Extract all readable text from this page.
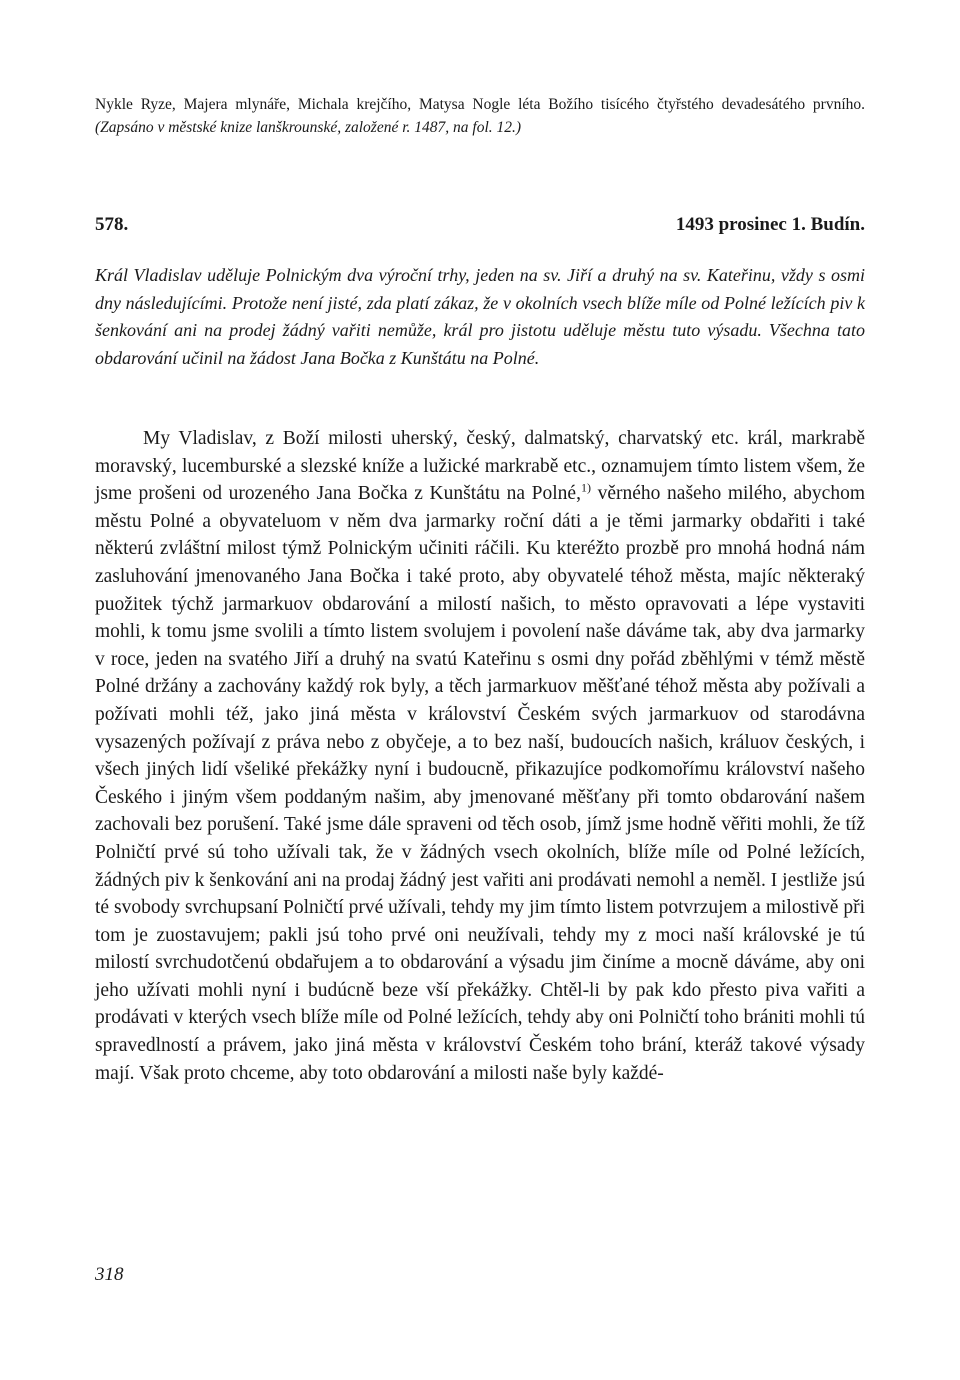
Nykle Ryze, Majera mlynáře, Michala krejčího, Matysa Nogle léta Božího tisícého čtyřstého devadesátého prvního. (Zapsáno v městské knize lanškrounské, založené r. 1487, na fol. 12.)

578.	1493 prosinec 1. Budín.

Král Vladislav uděluje Polnickým dva výroční trhy, jeden na sv. Jiří a druhý na sv. Kateřinu, vždy s osmi dny následujícími. Protože není jisté, zda platí zákaz, že v okolních vsech blíže míle od Polné ležících piv k šenkování ani na prodej žádný vařiti nemůže, král pro jistotu uděluje městu tuto výsadu. Všechna tato obdarování učinil na žádost Jana Bočka z Kunštátu na Polné.

My Vladislav, z Boží milosti uherský, český, dalmatský, charvatský etc. král, markrabě moravský, lucemburské a slezské kníže a lužické markrabě etc., oznamujem tímto listem všem, že jsme prošeni od urozeného Jana Bočka z Kunštátu na Polné,$^{1)}$ věrného našeho milého, abychom městu Polné a obyvateluom v něm dva jarmarky roční dáti a je těmi jarmarky obdařiti i také některú zvláštní milost týmž Polnickým učiniti ráčili. Ku kteréžto prozbě pro mnohá hodná nám zasluhování jmenovaného Jana Bočka i také proto, aby obyvatelé téhož města, majíc některaký puožitek týchž jarmarkuov obdarování a milostí našich, to město opravovati a lépe vystaviti mohli, k tomu jsme svolili a tímto listem svolujem i povolení naše dáváme tak, aby dva jarmarky v roce, jeden na svatého Jiří a druhý na svatú Kateřinu s osmi dny pořád zběhlými v témž městě Polné držány a zachovány každý rok byly, a těch jarmarkuov měšťané téhož města aby požívali a požívati mohli též, jako jiná města v království Českém svých jarmarkuov od starodávna vysazených požívají z práva nebo z obyčeje, a to bez naší, budoucích našich, králuov českých, i všech jiných lidí všeliké překážky nyní i budoucně, přikazujíce podkomořímu království našeho Českého i jiným všem poddaným našim, aby jmenované měšťany při tomto obdarování našem zachovali bez porušení. Také jsme dále spraveni od těch osob, jímž jsme hodně věřiti mohli, že tíž Polničtí prvé sú toho užívali tak, že v žádných vsech okolních, blíže míle od Polné ležících, žádných piv k šenkování ani na prodaj žádný jest vařiti ani prodávati nemohl a neměl. I jestliže jsú té svobody svrchupsaní Polničtí prvé užívali, tehdy my jim tímto listem potvrzujem a milostivě při tom je zuostavujem; pakli jsú toho prvé oni neužívali, tehdy my z moci naší královské je tú milostí svrchudotčenú obdařujem a to obdarování a výsadu jim činíme a mocně dáváme, aby oni jeho užívati mohli nyní i budúcně beze vší překážky. Chtěl-li by pak kdo přesto piva vařiti a prodávati v kterých vsech blíže míle od Polné ležících, tehdy aby oni Polničtí toho brániti mohli tú spravedlností a právem, jako jiná města v království Českém toho brání, kteráž takové výsady mají. Však proto chceme, aby toto obdarování a milosti naše byly každé-

318
